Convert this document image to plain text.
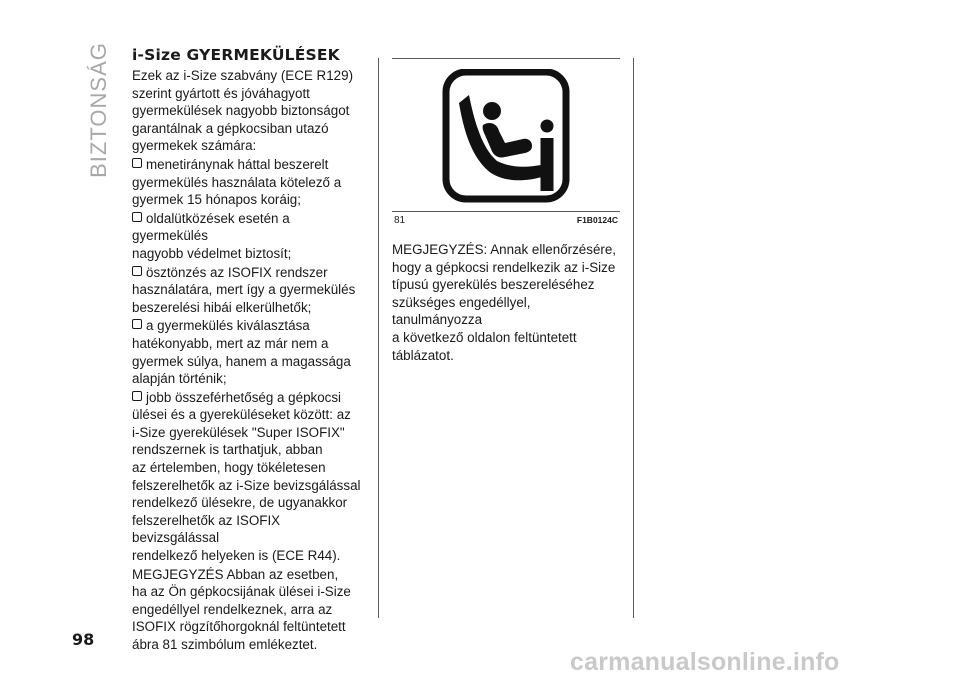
BIZTONSÁG i-Size GYERMEKÜLÉSEK

Ezek az i-Size szabvány (ECE R129)
szerint gyártott és jóváhagyott
gyermekülések nagyobb biztonságot
garantálnak a gépkocsiban utazó
gyermekek számára:

menetiránynak háttal beszerelt
gyermekülés használata kötelező a
gyermek 15 hónapos koráig;

oldalütközések esetén a gyermekülés
nagyobb védelmet biztosít;

ösztönzés az ISOFIX rendszer
használatára, mert így a gyermekülés
beszerelési hibái elkerülhetők;

a gyermekülés kiválasztása
hatékonyabb, mert az már nem a
gyermek súlya, hanem a magassága
alapján történik;

jobb összeférhetőség a gépkocsi
ülései és a gyereküléseket között: az
i-Size gyerekülések "Super ISOFIX"
rendszernek is tarthatjuk, abban
az értelemben, hogy tökéletesen
felszerelhetők az i-Size bevizsgálással
rendelkező ülésekre, de ugyanakkor
felszerelhetők az ISOFIX bevizsgálással
rendelkező helyeken is (ECE R44).

MEGJEGYZÉS Abban az esetben,
ha az Ön gépkocsijának ülései i-Size
engedéllyel rendelkeznek, arra az
ISOFIX rögzítőhorgoknál feltüntetett
ábra 81 szimbólum emlékeztet.

81	F1B0124C

MEGJEGYZÉS: Annak ellenőrzésére,
hogy a gépkocsi rendelkezik az i-Size
típusú gyerekülés beszereléséhez
szükséges engedéllyel, tanulmányozza
a következő oldalon feltüntetett
táblázatot.

98
carmanualsonline.info
